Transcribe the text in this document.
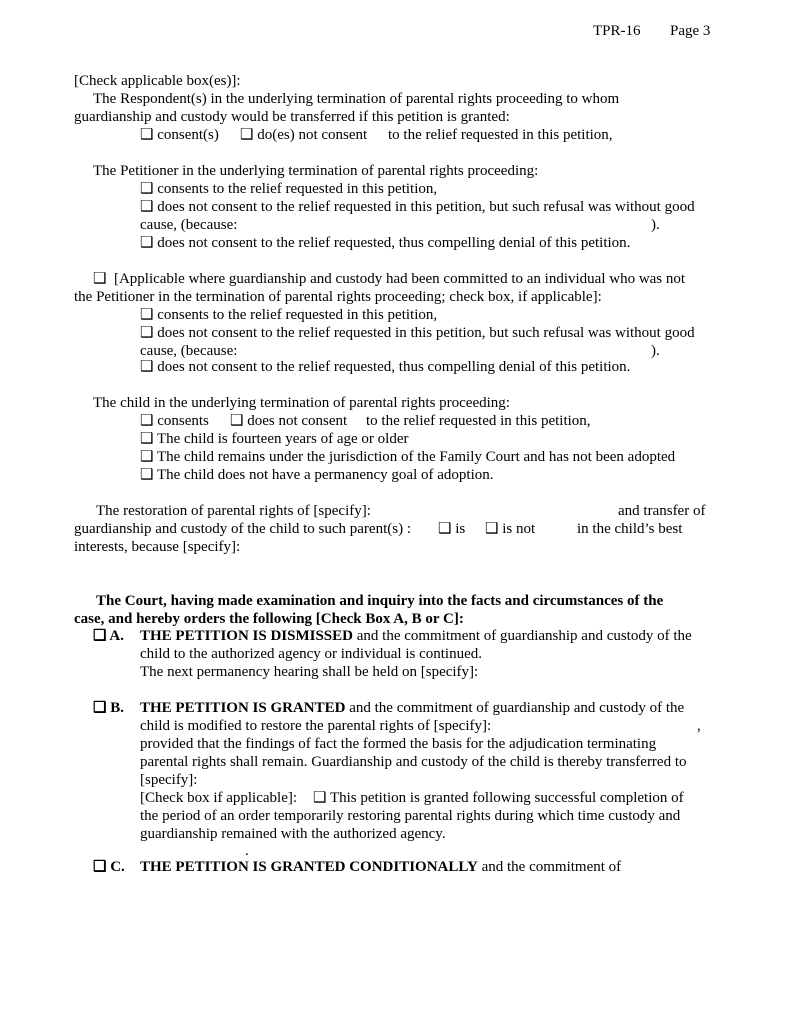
TPR-16 Page 3
[Check applicable box(es)]:
The Respondent(s) in the underlying termination of parental rights proceeding to whom
guardianship and custody would be transferred if this petition is granted:
❑ consent(s) ❑ do(es) not consent to the relief requested in this petition,
The Petitioner in the underlying termination of parental rights proceeding:
❑ consents to the relief requested in this petition,
❑ does not consent to the relief requested in this petition, but such refusal was without good
cause, (because:	).
❑ does not consent to the relief requested, thus compelling denial of this petition.
❑ [Applicable where guardianship and custody had been committed to an individual who was not
the Petitioner in the termination of parental rights proceeding; check box, if applicable]:
❑ consents to the relief requested in this petition,
❑ does not consent to the relief requested in this petition, but such refusal was without good
cause, (because:	).
❑ does not consent to the relief requested, thus compelling denial of this petition.
The child in the underlying termination of parental rights proceeding:
❑ consents ❑ does not consent to the relief requested in this petition,
❑ The child is fourteen years of age or older
❑ The child remains under the jurisdiction of the Family Court and has not been adopted
❑ The child does not have a permanency goal of adoption.
The restoration of parental rights of [specify]:	and transfer of
guardianship and custody of the child to such parent(s) : ❑ is ❑ is not	in the child’s best
interests, because [specify]:
The Court, having made examination and inquiry into the facts and circumstances of the
case, and hereby orders the following [Check Box A, B or C]:
❑ A. THE PETITION IS DISMISSED and the commitment of guardianship and custody of the
child to the authorized agency or individual is continued.
The next permanency hearing shall be held on [specify]:
❑ B. THE PETITION IS GRANTED and the commitment of guardianship and custody of the
child is modified to restore the parental rights of [specify]:	,
provided that the findings of fact the formed the basis for the adjudication terminating
parental rights shall remain. Guardianship and custody of the child is thereby transferred to
[specify]:
[Check box if applicable]: ❑ This petition is granted following successful completion of
the period of an order temporarily restoring parental rights during which time custody and
guardianship remained with the authorized agency.
.
❑ C. THE PETITION IS GRANTED CONDITIONALLY and the commitment of
